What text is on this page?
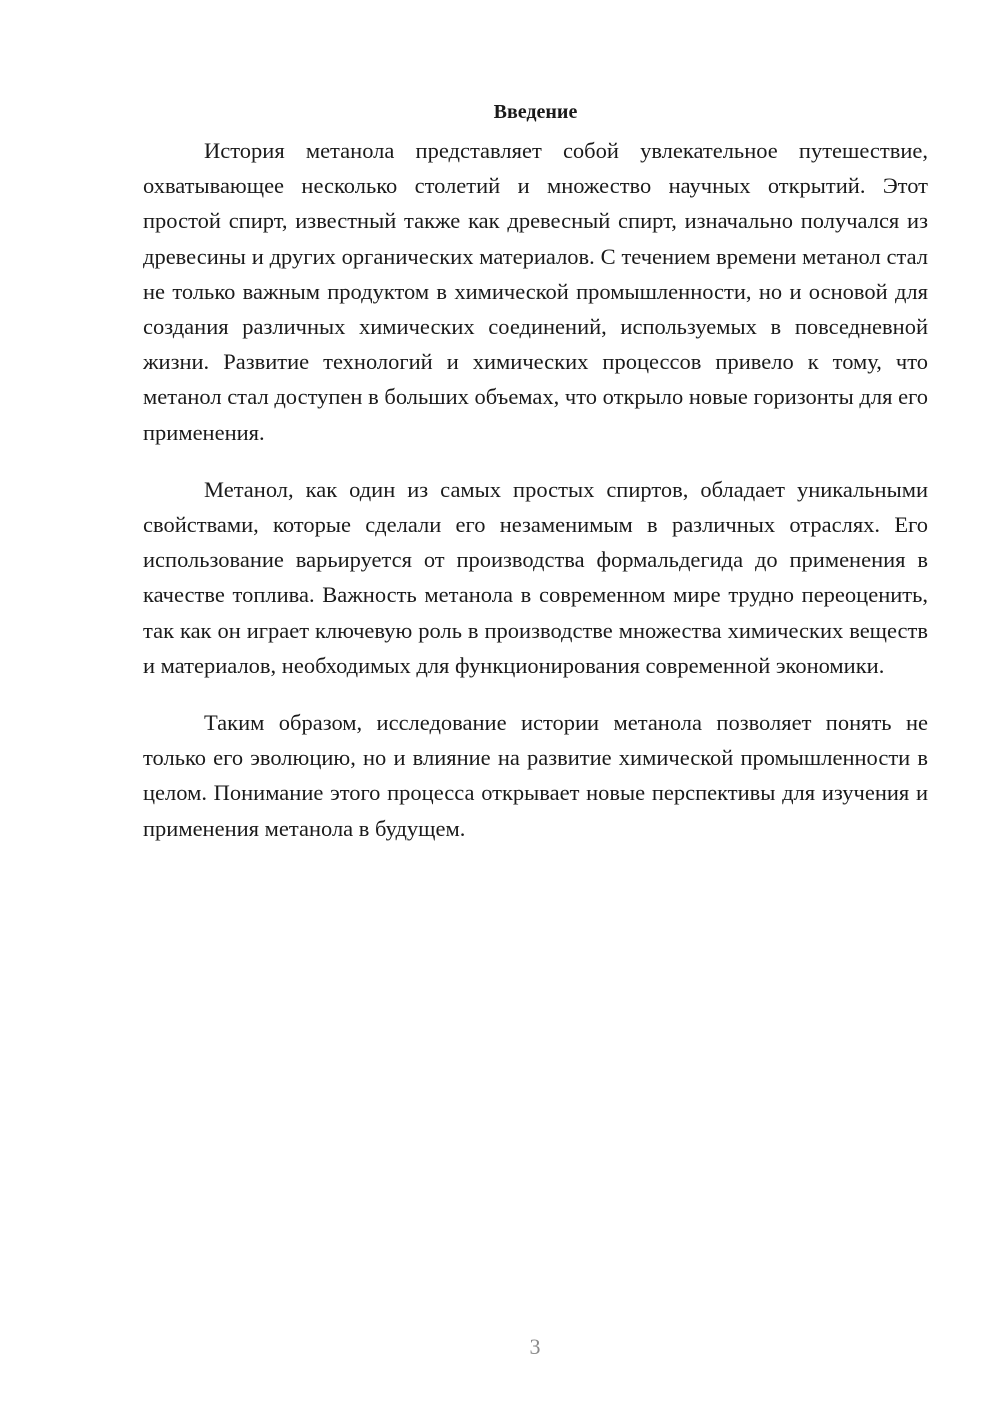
Введение

История метанола представляет собой увлекательное путешествие, охватывающее несколько столетий и множество научных открытий. Этот простой спирт, известный также как древесный спирт, изначально получался из древесины и других органических материалов. С течением времени метанол стал не только важным продуктом в химической промышленности, но и основой для создания различных химических соединений, используемых в повседневной жизни. Развитие технологий и химических процессов привело к тому, что метанол стал доступен в больших объемах, что открыло новые горизонты для его применения.

Метанол, как один из самых простых спиртов, обладает уникальными свойствами, которые сделали его незаменимым в различных отраслях. Его использование варьируется от производства формальдегида до применения в качестве топлива. Важность метанола в современном мире трудно переоценить, так как он играет ключевую роль в производстве множества химических веществ и материалов, необходимых для функционирования современной экономики.

Таким образом, исследование истории метанола позволяет понять не только его эволюцию, но и влияние на развитие химической промышленности в целом. Понимание этого процесса открывает новые перспективы для изучения и применения метанола в будущем.

3
